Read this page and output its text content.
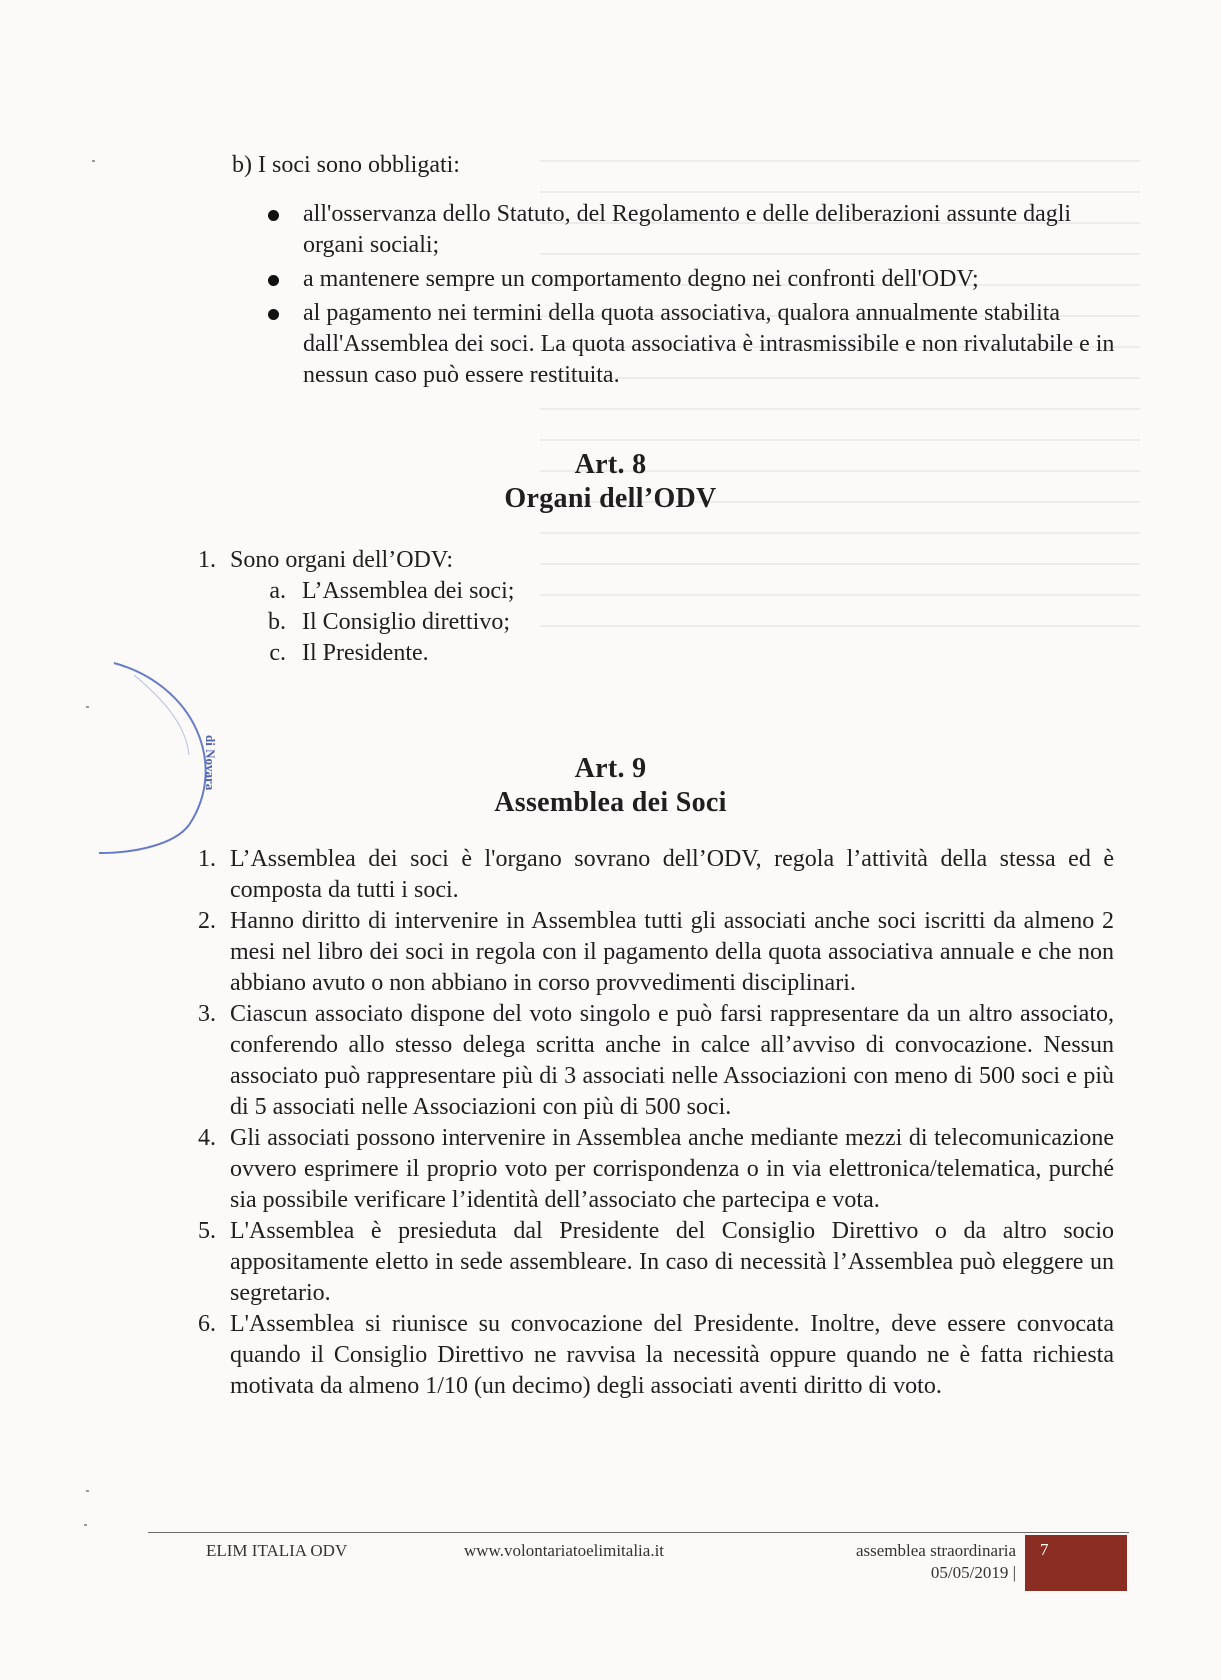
b) I soci sono obbligati:
all'osservanza dello Statuto, del Regolamento e delle deliberazioni assunte dagli organi sociali;
a mantenere sempre un comportamento degno nei confronti dell'ODV;
al pagamento nei termini della quota associativa, qualora annualmente stabilita dall'Assemblea dei soci. La quota associativa è intrasmissibile e non rivalutabile e in nessun caso può essere restituita.
Art. 8
Organi dell’ODV
1. Sono organi dell’ODV:
a. L’Assemblea dei soci;
b. Il Consiglio direttivo;
c. Il Presidente.
di Novara	Art. 9
Assemblea dei Soci
1. L’Assemblea dei soci è l'organo sovrano dell’ODV, regola l’attività della stessa ed è composta da tutti i soci.
2. Hanno diritto di intervenire in Assemblea tutti gli associati anche soci iscritti da almeno 2 mesi nel libro dei soci in regola con il pagamento della quota associativa annuale e che non abbiano avuto o non abbiano in corso provvedimenti disciplinari.
3. Ciascun associato dispone del voto singolo e può farsi rappresentare da un altro associato, conferendo allo stesso delega scritta anche in calce all’avviso di convocazione. Nessun associato può rappresentare più di 3 associati nelle Associazioni con meno di 500 soci e più di 5 associati nelle Associazioni con più di 500 soci.
4. Gli associati possono intervenire in Assemblea anche mediante mezzi di telecomunicazione ovvero esprimere il proprio voto per corrispondenza o in via elettronica/telematica, purché sia possibile verificare l’identità dell’associato che partecipa e vota.
5. L'Assemblea è presieduta dal Presidente del Consiglio Direttivo o da altro socio appositamente eletto in sede assembleare. In caso di necessità l’Assemblea può eleggere un segretario.
6. L'Assemblea si riunisce su convocazione del Presidente. Inoltre, deve essere convocata quando il Consiglio Direttivo ne ravvisa la necessità oppure quando ne è fatta richiesta motivata da almeno 1/10 (un decimo) degli associati aventi diritto di voto.
ELIM ITALIA ODV	www.volontariatoelimitalia.it	assemblea straordinaria
05/05/2019 |
7
